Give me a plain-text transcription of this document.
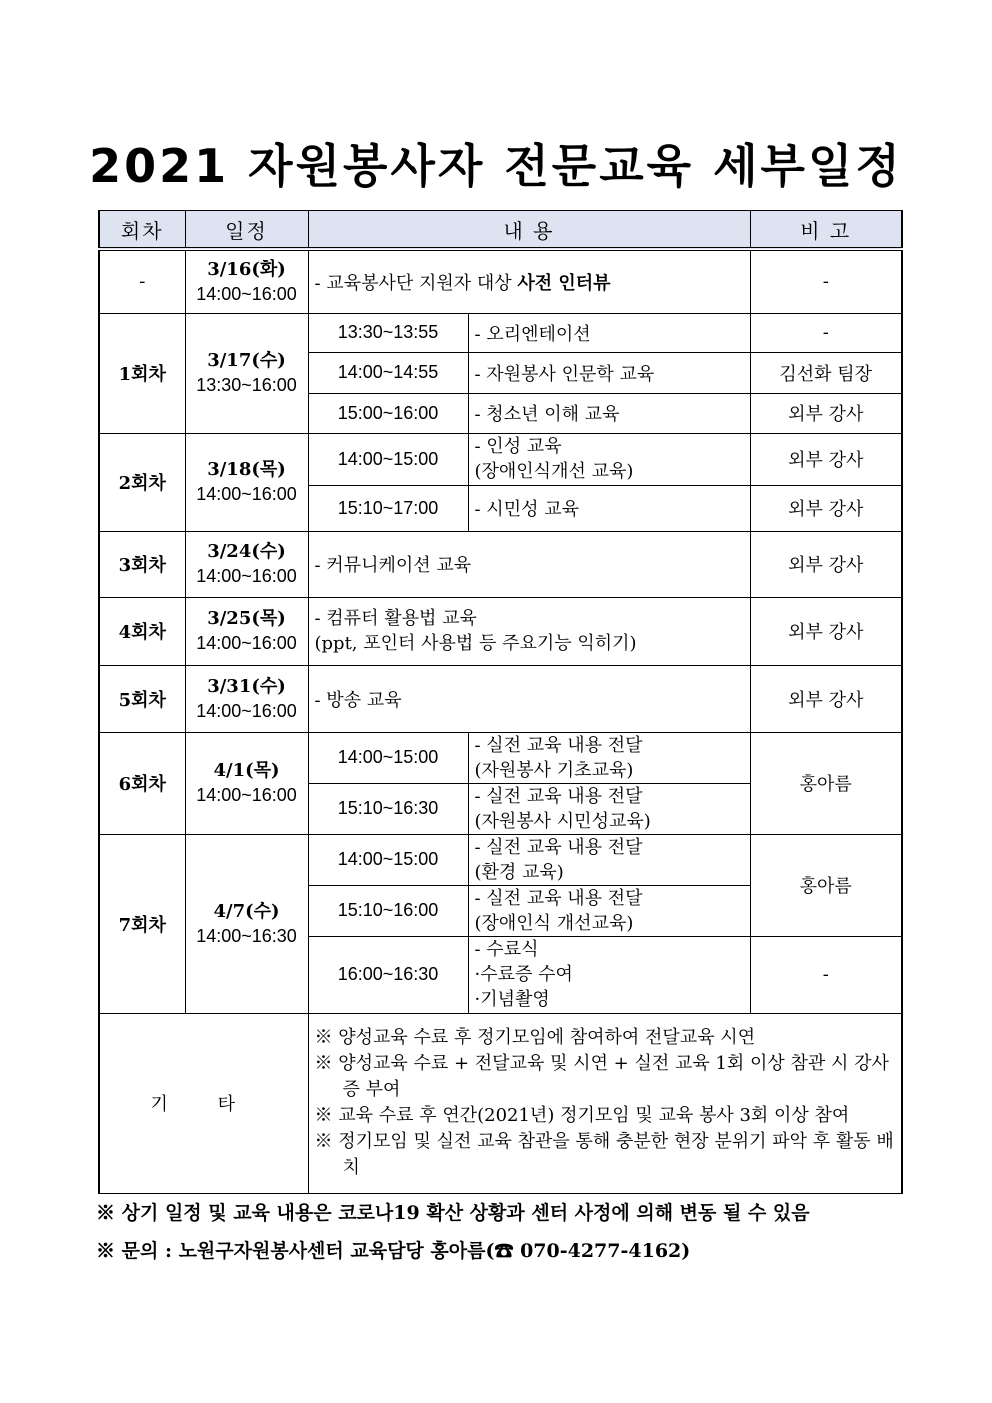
2021 자원봉사자 전문교육 세부일정
회차	일정	내 용		비 고
-	3/16(화)
14:00~16:00	- 교육봉사단 지원자 대상 사전 인터뷰		-
1회차	3/17(수)
13:30~16:00	13:30~13:55	- 오리엔테이션	-
		14:00~14:55	- 자원봉사 인문학 교육	김선화 팀장
		15:00~16:00	- 청소년 이해 교육	외부 강사
2회차	3/18(목)
14:00~16:00	14:00~15:00	- 인성 교육
(장애인식개선 교육)	외부 강사
		15:10~17:00	- 시민성 교육	외부 강사
3회차	3/24(수)
14:00~16:00	- 커뮤니케이션 교육		외부 강사
4회차	3/25(목)
14:00~16:00	- 컴퓨터 활용법 교육
(ppt, 포인터 사용법 등 주요기능 익히기)		외부 강사
5회차	3/31(수)
14:00~16:00	- 방송 교육		외부 강사
6회차	4/1(목)
14:00~16:00	14:00~15:00	- 실전 교육 내용 전달
(자원봉사 기초교육)	홍아름
		15:10~16:30	- 실전 교육 내용 전달
(자원봉사 시민성교육)	
7회차	4/7(수)
14:00~16:30	14:00~15:00	- 실전 교육 내용 전달
(환경 교육)	홍아름
		15:10~16:00	- 실전 교육 내용 전달
(장애인식 개선교육)	
		16:00~16:30	- 수료식
·수료증 수여
·기념촬영	-
기 타		※ 양성교육 수료 후 정기모임에 참여하여 전달교육 시연
※ 양성교육 수료 + 전달교육 및 시연 + 실전 교육 1회 이상 참관 시 강사증 부여
※ 교육 수료 후 연간(2021년) 정기모임 및 교육 봉사 3회 이상 참여
※ 정기모임 및 실전 교육 참관을 통해 충분한 현장 분위기 파악 후 활동 배치		
※ 상기 일정 및 교육 내용은 코로나19 확산 상황과 센터 사정에 의해 변동 될 수 있음
※ 문의 : 노원구자원봉사센터 교육담당 홍아름(☎ 070-4277-4162)
